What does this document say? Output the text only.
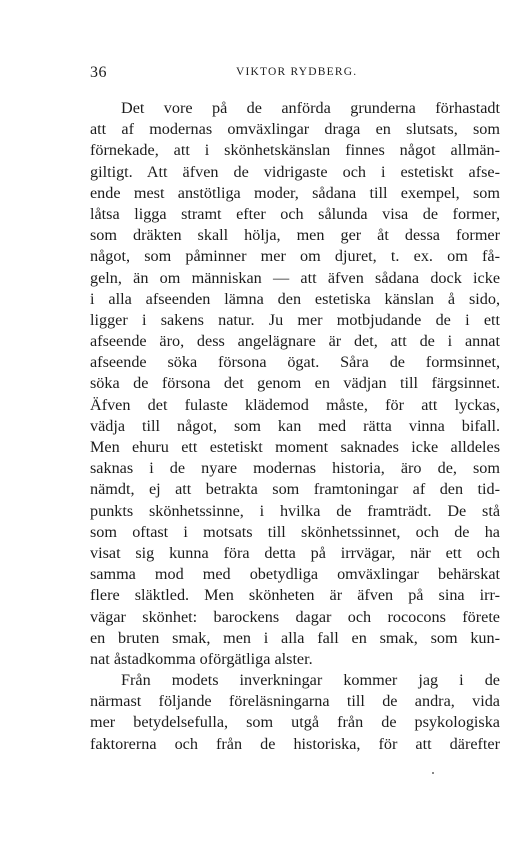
36	VIKTOR RYDBERG.
Det vore på de anförda grunderna förhastadt
att af modernas omväxlingar draga en slutsats, som
förnekade, att i skönhetskänslan finnes något allmän-
giltigt. Att äfven de vidrigaste och i estetiskt afse-
ende mest anstötliga moder, sådana till exempel, som
låtsa ligga stramt efter och sålunda visa de former,
som dräkten skall hölja, men ger åt dessa former
något, som påminner mer om djuret, t. ex. om få-
geln, än om människan — att äfven sådana dock icke
i alla afseenden lämna den estetiska känslan å sido,
ligger i sakens natur. Ju mer motbjudande de i ett
afseende äro, dess angelägnare är det, att de i annat
afseende söka försona ögat. Såra de formsinnet,
söka de försona det genom en vädjan till färgsinnet.
Äfven det fulaste klädemod måste, för att lyckas,
vädja till något, som kan med rätta vinna bifall.
Men ehuru ett estetiskt moment saknades icke alldeles
saknas i de nyare modernas historia, äro de, som
nämdt, ej att betrakta som framtoningar af den tid-
punkts skönhetssinne, i hvilka de framträdt. De stå
som oftast i motsats till skönhetssinnet, och de ha
visat sig kunna föra detta på irrvägar, när ett och
samma mod med obetydliga omväxlingar behärskat
flere släktled. Men skönheten är äfven på sina irr-
vägar skönhet: barockens dagar och rococons förete
en bruten smak, men i alla fall en smak, som kun-
nat åstadkomma oförgätliga alster.
Från modets inverkningar kommer jag i de
närmast följande föreläsningarna till de andra, vida
mer betydelsefulla, som utgå från de psykologiska
faktorerna och från de historiska, för att därefter
